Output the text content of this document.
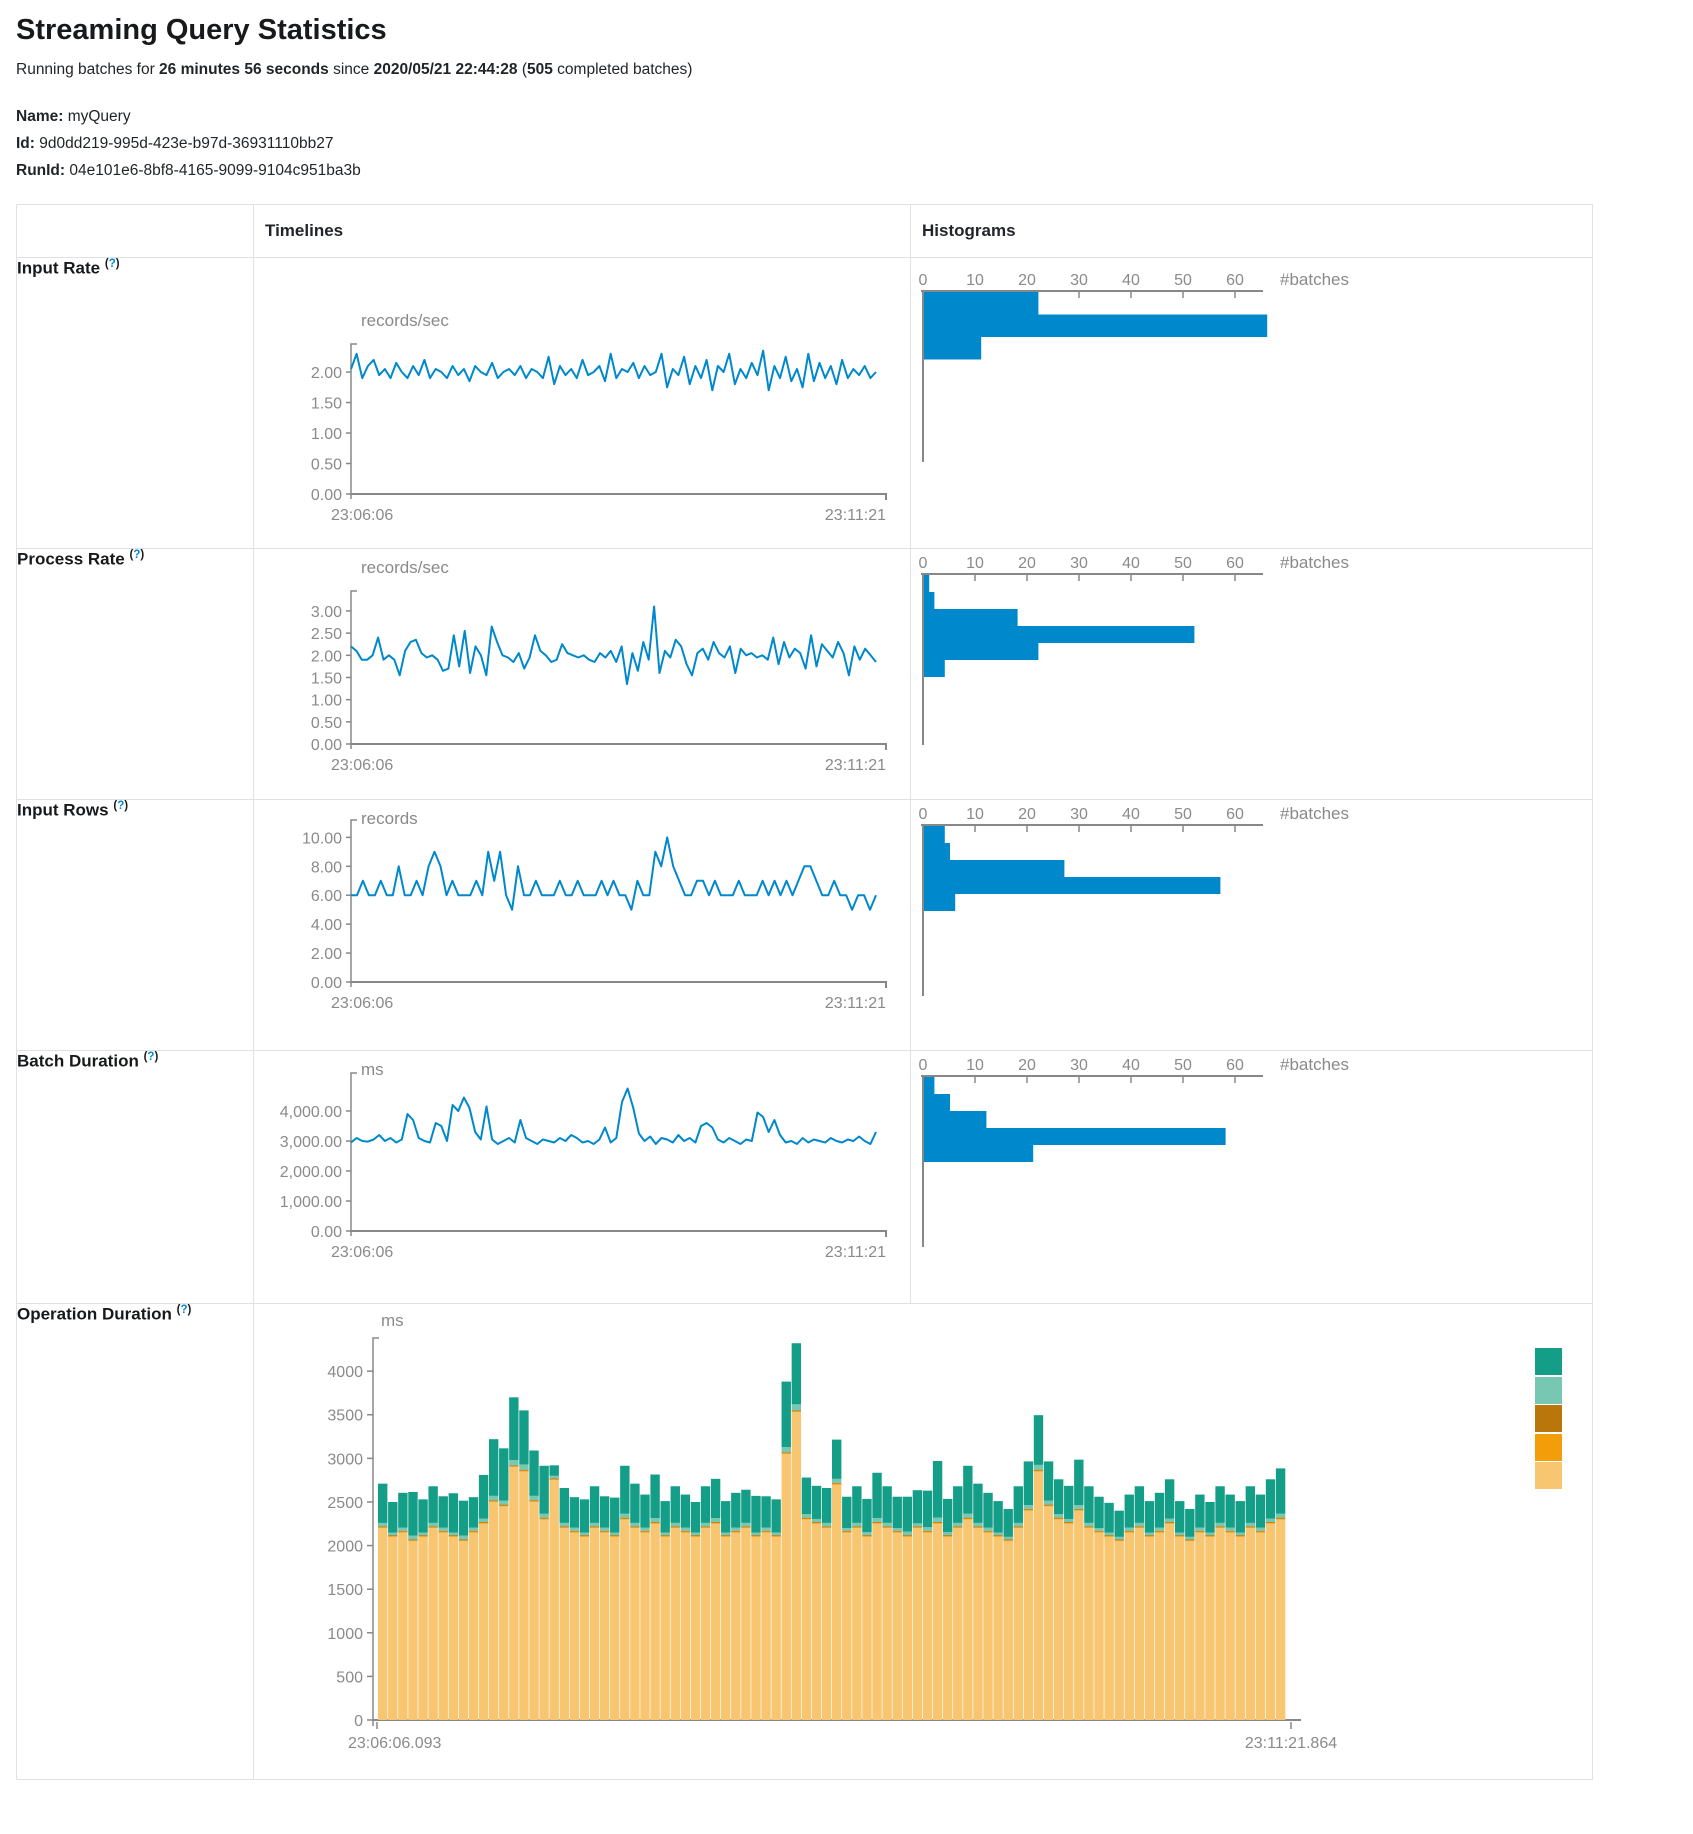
Streaming Query Statistics

Running batches for 26 minutes 56 seconds since 2020/05/21 22:44:28 (505 completed batches)

Name: myQuery
Id: 9d0dd219-995d-423e-b97d-36931110bb27
RunId: 04e101e6-8bf8-4165-9099-9104c951ba3b
	Timelines	Histograms
Input Rate (?)	
records/sec
2.00
1.50
1.00
0.50
0.00
23:06:06	23:11:21

0 10 20 30 40 50 60 #batches

Process Rate (?)	
records/sec
3.00
2.50
2.00
1.50
1.00
0.50
0.00
23:06:06	23:11:21

0 10 20 30 40 50 60 #batches

Input Rows (?)	
records
10.00
8.00
6.00
4.00
2.00
0.00
23:06:06	23:11:21

0 10 20 30 40 50 60 #batches

Batch Duration (?)	
ms
4,000.00
3,000.00
2,000.00
1,000.00
0.00
23:06:06	23:11:21

0 10 20 30 40 50 60 #batches

Operation Duration (?)	
ms
0
500
1000
1500
2000
2500
3000
3500
4000
23:06:06.093	23:11:21.864
